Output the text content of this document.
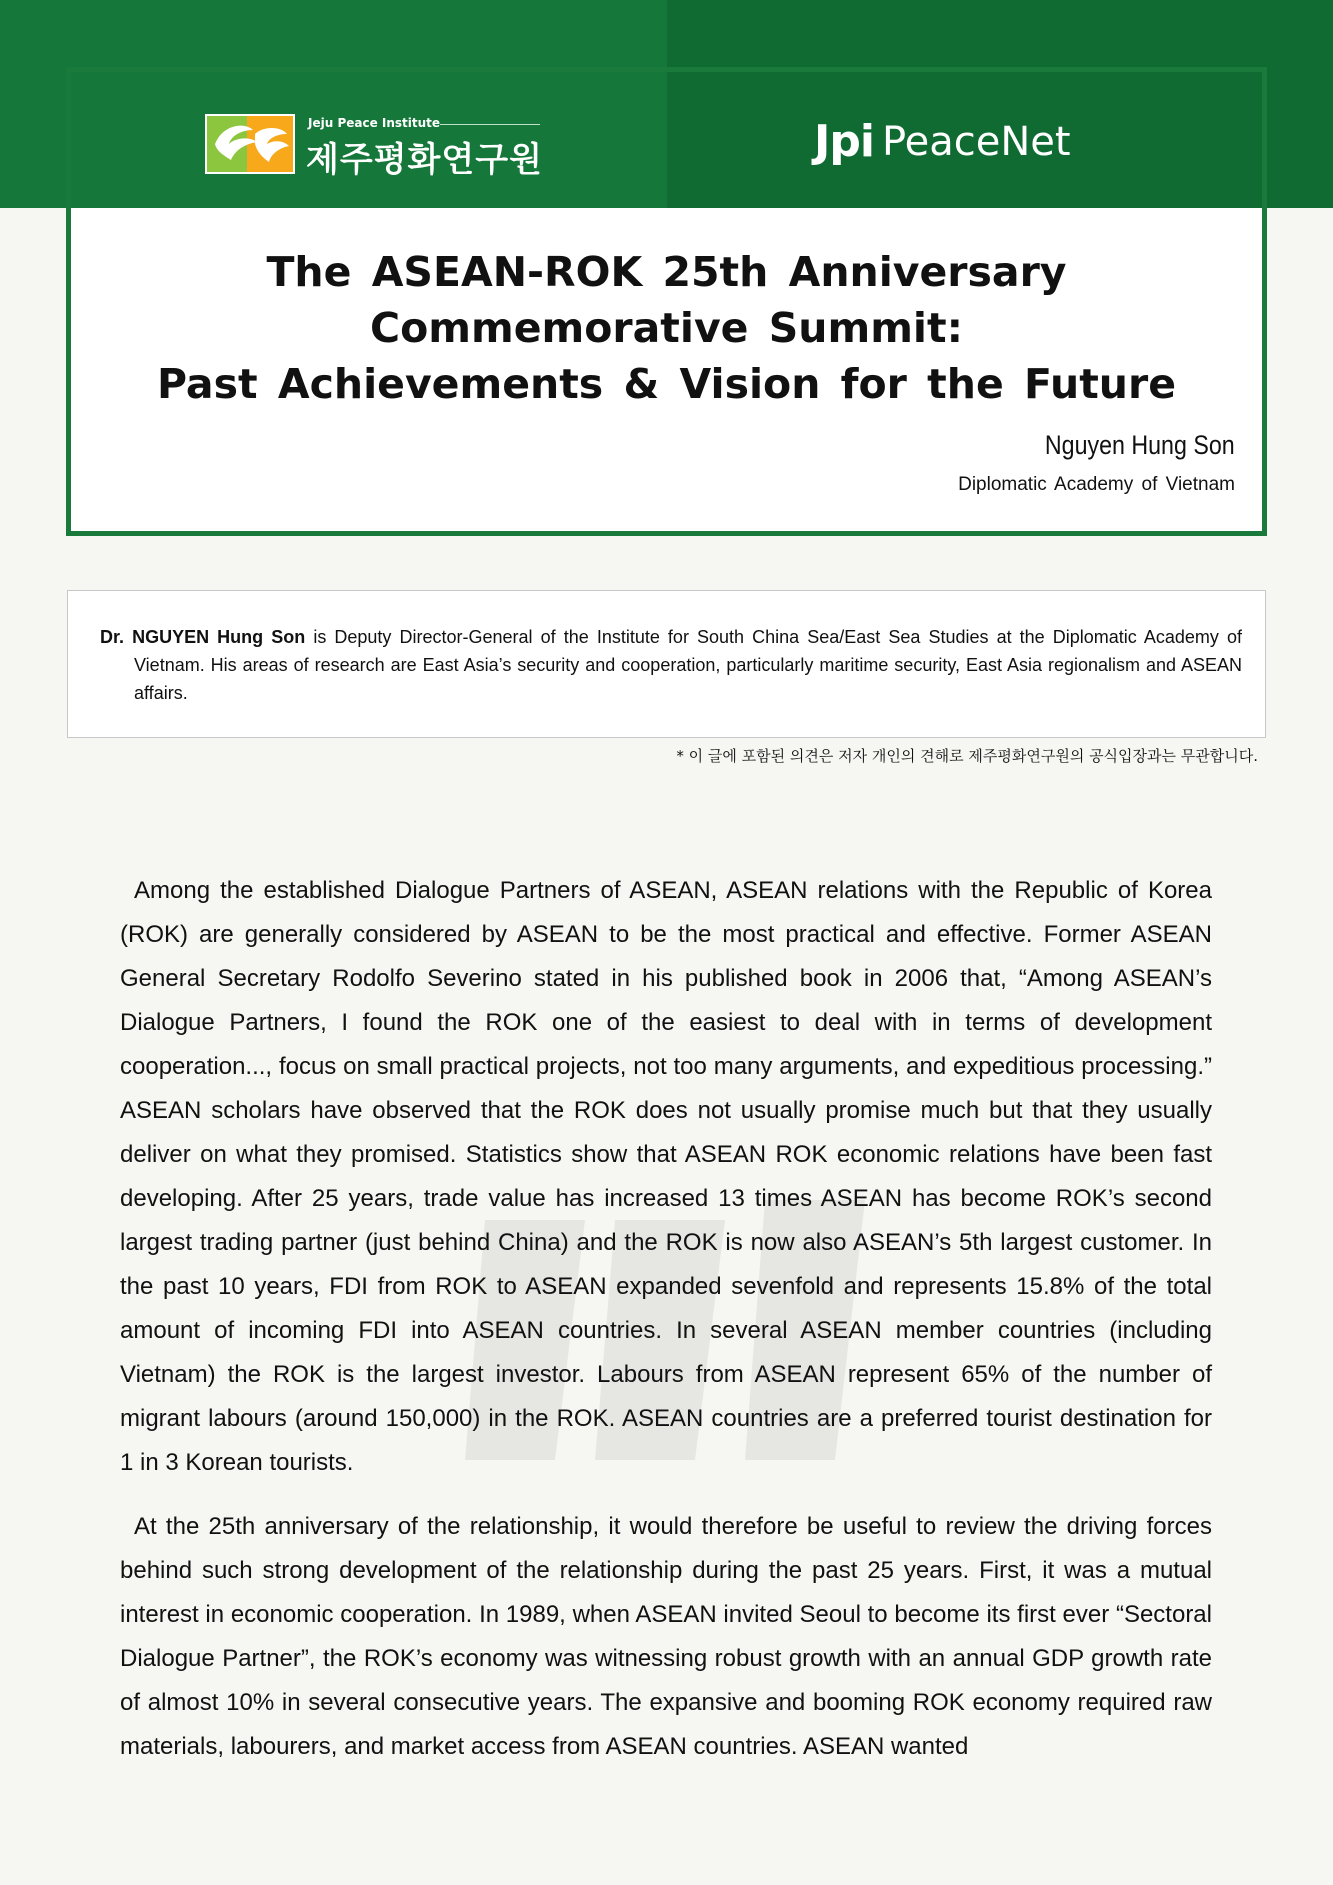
Jeju Peace Institute
제주평화연구원	Jpi PeaceNet
The ASEAN-ROK 25th Anniversary Commemorative Summit:
Past Achievements & Vision for the Future
Nguyen Hung Son
Diplomatic Academy of Vietnam
Dr. NGUYEN Hung Son is Deputy Director-General of the Institute for South China Sea/East Sea Studies at the Diplomatic Academy of Vietnam. His areas of research are East Asia’s security and cooperation, particularly maritime security, East Asia regionalism and ASEAN affairs.
* 이 글에 포함된 의견은 저자 개인의 견해로 제주평화연구원의 공식입장과는 무관합니다.

Among the established Dialogue Partners of ASEAN, ASEAN relations with the Republic of Korea (ROK) are generally considered by ASEAN to be the most practical and effective. Former ASEAN General Secretary Rodolfo Severino stated in his published book in 2006 that, “Among ASEAN’s Dialogue Partners, I found the ROK one of the easiest to deal with in terms of development cooperation..., focus on small practical projects, not too many arguments, and expeditious processing.” ASEAN scholars have observed that the ROK does not usually promise much but that they usually deliver on what they promised. Statistics show that ASEAN ROK economic relations have been fast developing. After 25 years, trade value has increased 13 times ASEAN has become ROK’s second largest trading partner (just behind China) and the ROK is now also ASEAN’s 5th largest customer. In the past 10 years, FDI from ROK to ASEAN expanded sevenfold and represents 15.8% of the total amount of incoming FDI into ASEAN countries. In several ASEAN member countries (including Vietnam) the ROK is the largest investor. Labours from ASEAN represent 65% of the number of migrant labours (around 150,000) in the ROK. ASEAN countries are a preferred tourist destination for 1 in 3 Korean tourists.

At the 25th anniversary of the relationship, it would therefore be useful to review the driving forces behind such strong development of the relationship during the past 25 years. First, it was a mutual interest in economic cooperation. In 1989, when ASEAN invited Seoul to become its first ever “Sectoral Dialogue Partner”, the ROK’s economy was witnessing robust growth with an annual GDP growth rate of almost 10% in several consecutive years. The expansive and booming ROK economy required raw materials, labourers, and market access from ASEAN countries. ASEAN wanted
